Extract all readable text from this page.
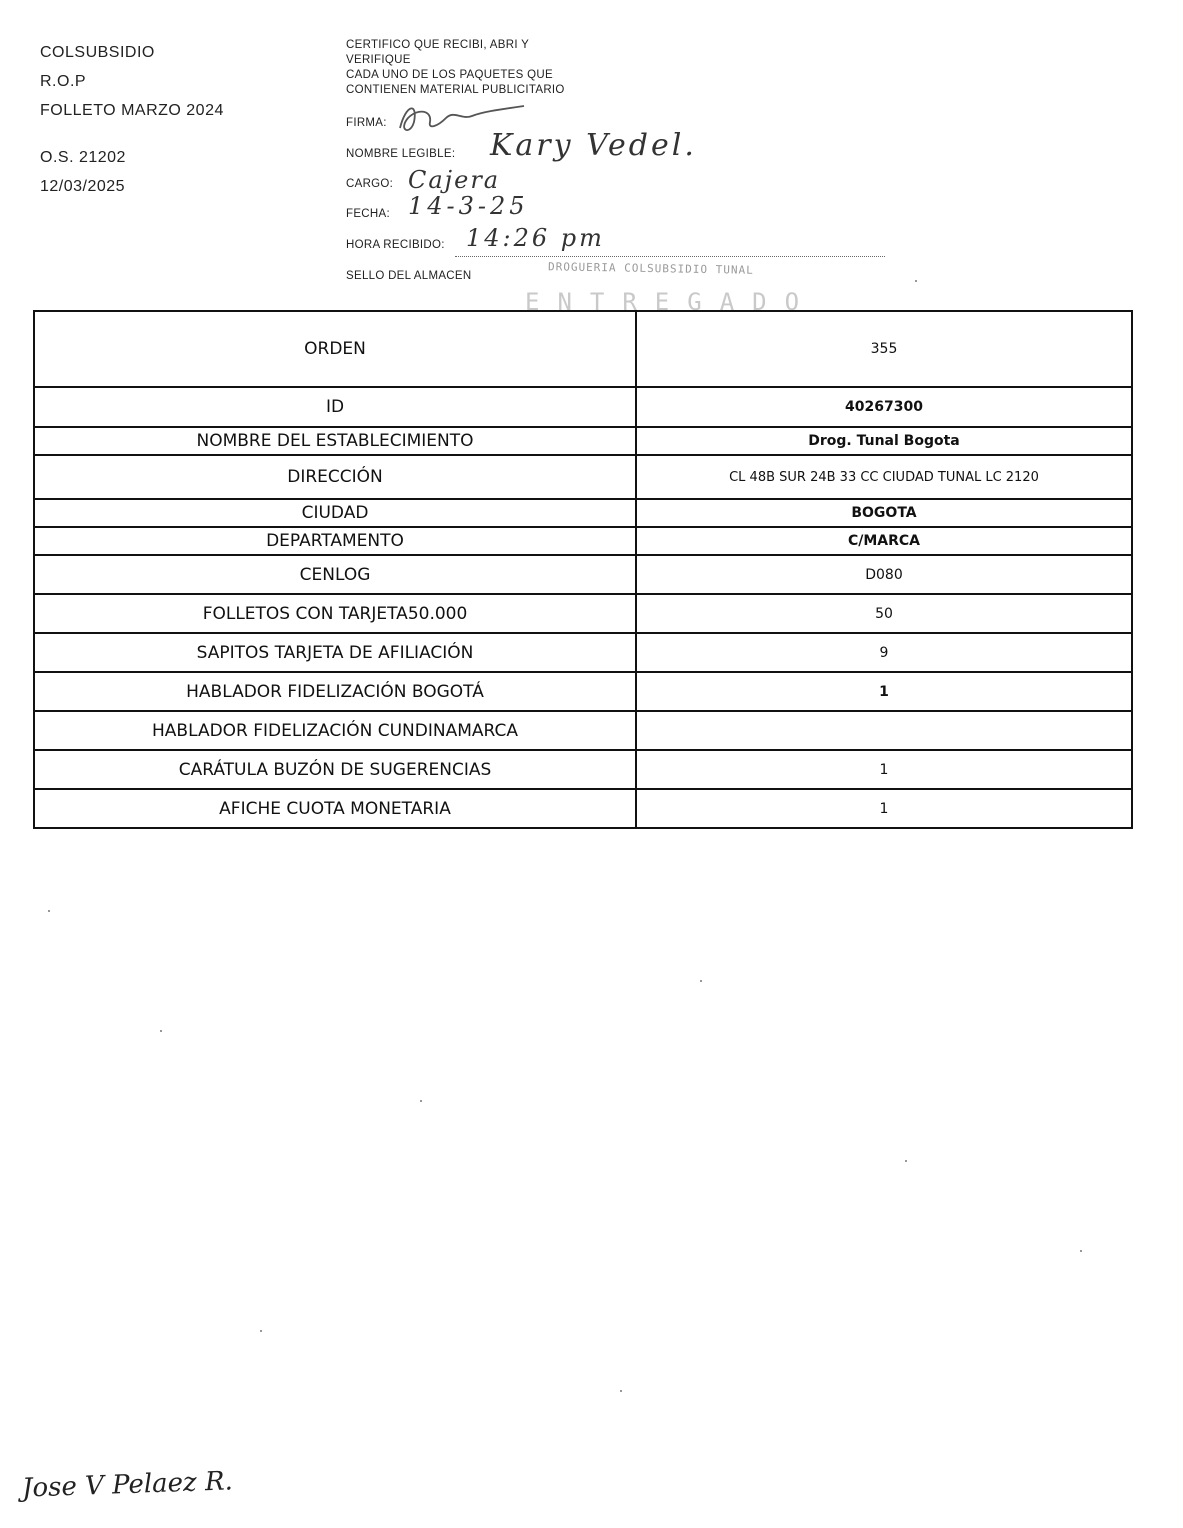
COLSUBSIDIO
R.O.P
FOLLETO MARZO 2024
O.S. 21202
12/03/2025
CERTIFICO QUE RECIBI, ABRI Y
VERIFIQUE
CADA UNO DE LOS PAQUETES QUE
CONTIENEN MATERIAL PUBLICITARIO
FIRMA:
NOMBRE LEGIBLE: Kary Vedel.
CARGO: Cajera
FECHA: 14-3-25
HORA RECIBIDO: 14:26 pm
SELLO DEL ALMACEN	DROGUERIA COLSUBSIDIO TUNAL
ENTREGADO
ORDEN	355
ID	40267300
NOMBRE DEL ESTABLECIMIENTO	Drog. Tunal Bogota
DIRECCIÓN	CL 48B SUR 24B 33 CC CIUDAD TUNAL LC 2120
CIUDAD	BOGOTA
DEPARTAMENTO	C/MARCA
CENLOG	D080
FOLLETOS CON TARJETA50.000	50
SAPITOS TARJETA DE AFILIACIÓN	9
HABLADOR FIDELIZACIÓN BOGOTÁ	1
HABLADOR FIDELIZACIÓN CUNDINAMARCA	
CARÁTULA BUZÓN DE SUGERENCIAS	1
AFICHE CUOTA MONETARIA	1
Jose V Pelaez R.
